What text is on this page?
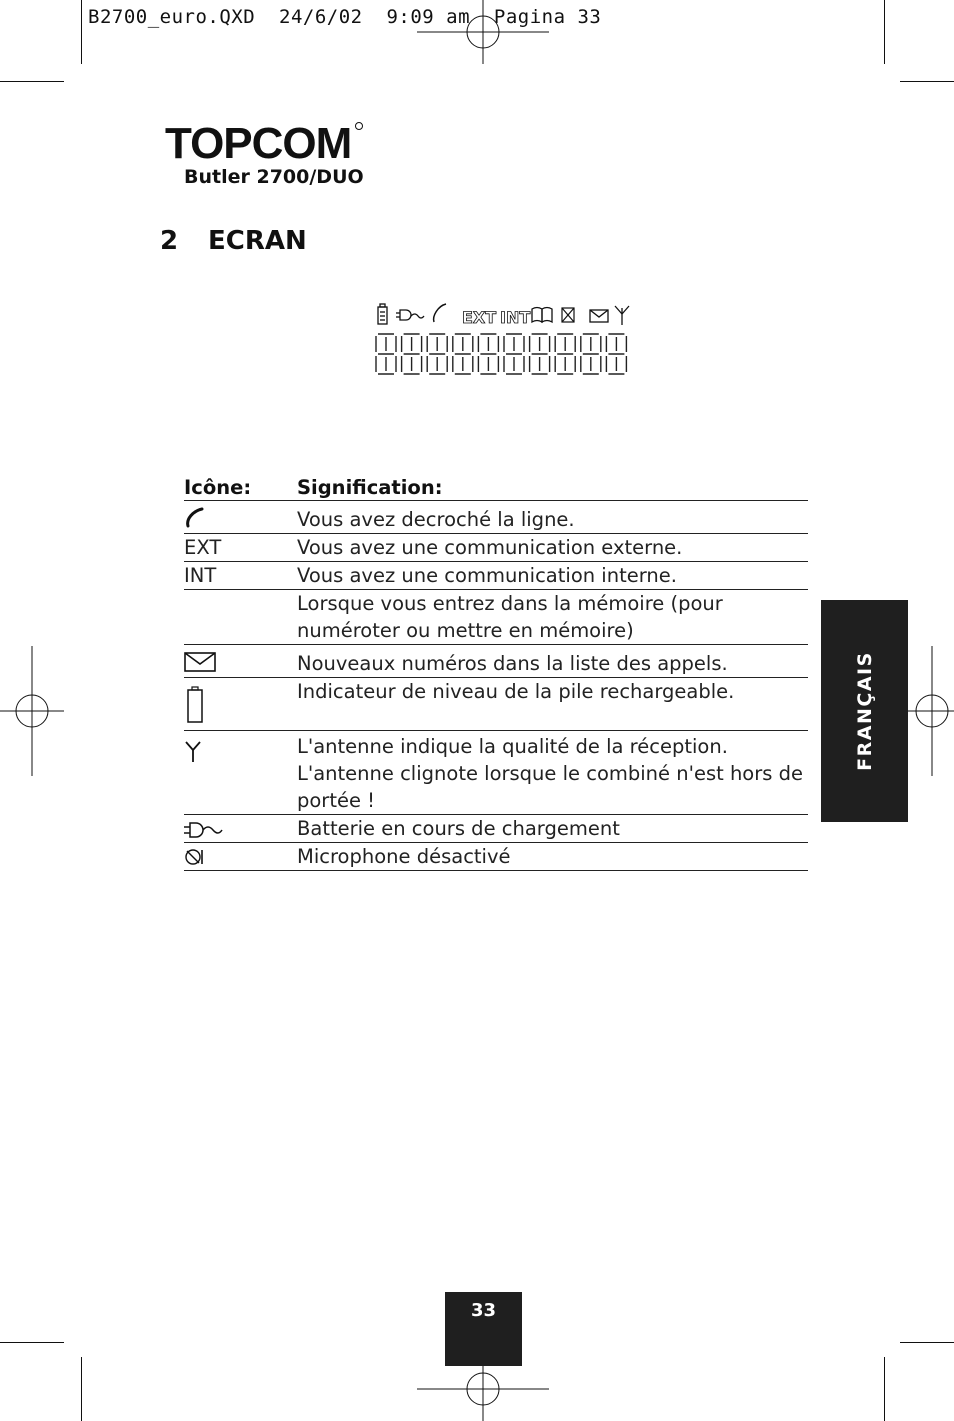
B2700_euro.QXD  24/6/02  9:09 am  Pagina 33
TOPCOM
Butler 2700/DUO
2 ECRAN
EXT INT
Icône:	Signification:

	Vous avez decroché la ligne.
EXT	Vous avez une communication externe.
INT	Vous avez une communication interne.
	Lorsque vous entrez dans la mémoire (pour numéroter ou mettre en mémoire)

	Nouveaux numéros dans la liste des appels.

	Indicateur de niveau de la pile rechargeable.

	L'antenne indique la qualité de la réception. L'antenne clignote lorsque le combiné n'est hors de portée !

	Batterie en cours de chargement

	Microphone désactivé
FRANÇAIS
33
